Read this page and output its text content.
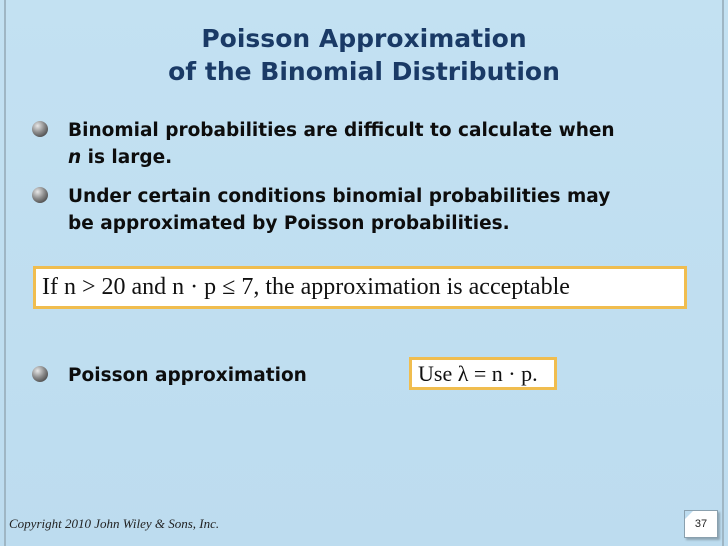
Poisson Approximation
of the Binomial Distribution
Binomial probabilities are difficult to calculate when
n is large.
Under certain conditions binomial probabilities may
be approximated by Poisson probabilities.
If n > 20 and n · p ≤ 7, the approximation is acceptable
Poisson approximation	Use λ = n · p.
Copyright 2010 John Wiley & Sons, Inc.	37
